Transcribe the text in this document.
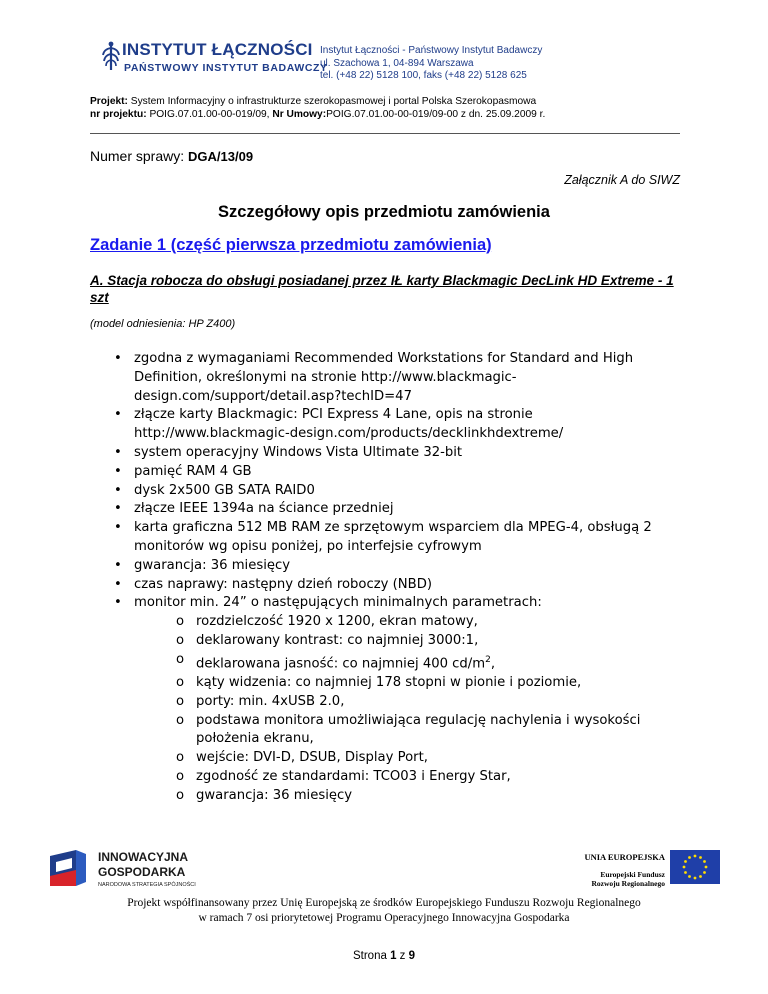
INSTYTUT ŁĄCZNOŚCI
PAŃSTWOWY INSTYTUT BADAWCZY
Instytut Łączności - Państwowy Instytut Badawczy
ul. Szachowa 1, 04-894 Warszawa
tel. (+48 22) 5128 100, faks (+48 22) 5128 625
Projekt: System Informacyjny o infrastrukturze szerokopasmowej i portal Polska Szerokopasmowa
nr projektu: POIG.07.01.00-00-019/09, Nr Umowy:POIG.07.01.00-00-019/09-00 z dn. 25.09.2009 r.
Numer sprawy: DGA/13/09
Załącznik A do SIWZ
Szczegółowy opis przedmiotu zamówienia
Zadanie 1 (część pierwsza przedmiotu zamówienia)
A. Stacja robocza do obsługi posiadanej przez IŁ karty Blackmagic DecLink HD Extreme - 1 szt
(model odniesienia: HP Z400)
• zgodna z wymaganiami Recommended Workstations for Standard and High Definition, określonymi na stronie http://www.blackmagic-design.com/support/detail.asp?techID=47
• złącze karty Blackmagic: PCI Express 4 Lane, opis na stronie http://www.blackmagic-design.com/products/decklinkhdextreme/
• system operacyjny Windows Vista Ultimate 32-bit
• pamięć RAM 4 GB
• dysk 2x500 GB SATA RAID0
• złącze IEEE 1394a na ściance przedniej
• karta graficzna 512 MB RAM ze sprzętowym wsparciem dla MPEG-4, obsługą 2 monitorów wg opisu poniżej, po interfejsie cyfrowym
• gwarancja: 36 miesięcy
• czas naprawy: następny dzień roboczy (NBD)
• monitor min. 24” o następujących minimalnych parametrach:
o rozdzielczość 1920 x 1200, ekran matowy,
o deklarowany kontrast: co najmniej 3000:1,
o deklarowana jasność: co najmniej 400 $cd/m^2$,
o kąty widzenia: co najmniej 178 stopni w pionie i poziomie,
o porty: min. 4xUSB 2.0,
o podstawa monitora umożliwiająca regulację nachylenia i wysokości położenia ekranu,
o wejście: DVI-D, DSUB, Display Port,
o zgodność ze standardami: TCO03 i Energy Star,
o gwarancja: 36 miesięcy
INNOWACYJNA
GOSPODARKA
NARODOWA STRATEGIA SPÓJNOŚCI
UNIA EUROPEJSKA
Europejski Fundusz
Rozwoju Regionalnego
Projekt współfinansowany przez Unię Europejską ze środków Europejskiego Funduszu Rozwoju Regionalnego
w ramach 7 osi priorytetowej Programu Operacyjnego Innowacyjna Gospodarka
Strona 1 z 9
